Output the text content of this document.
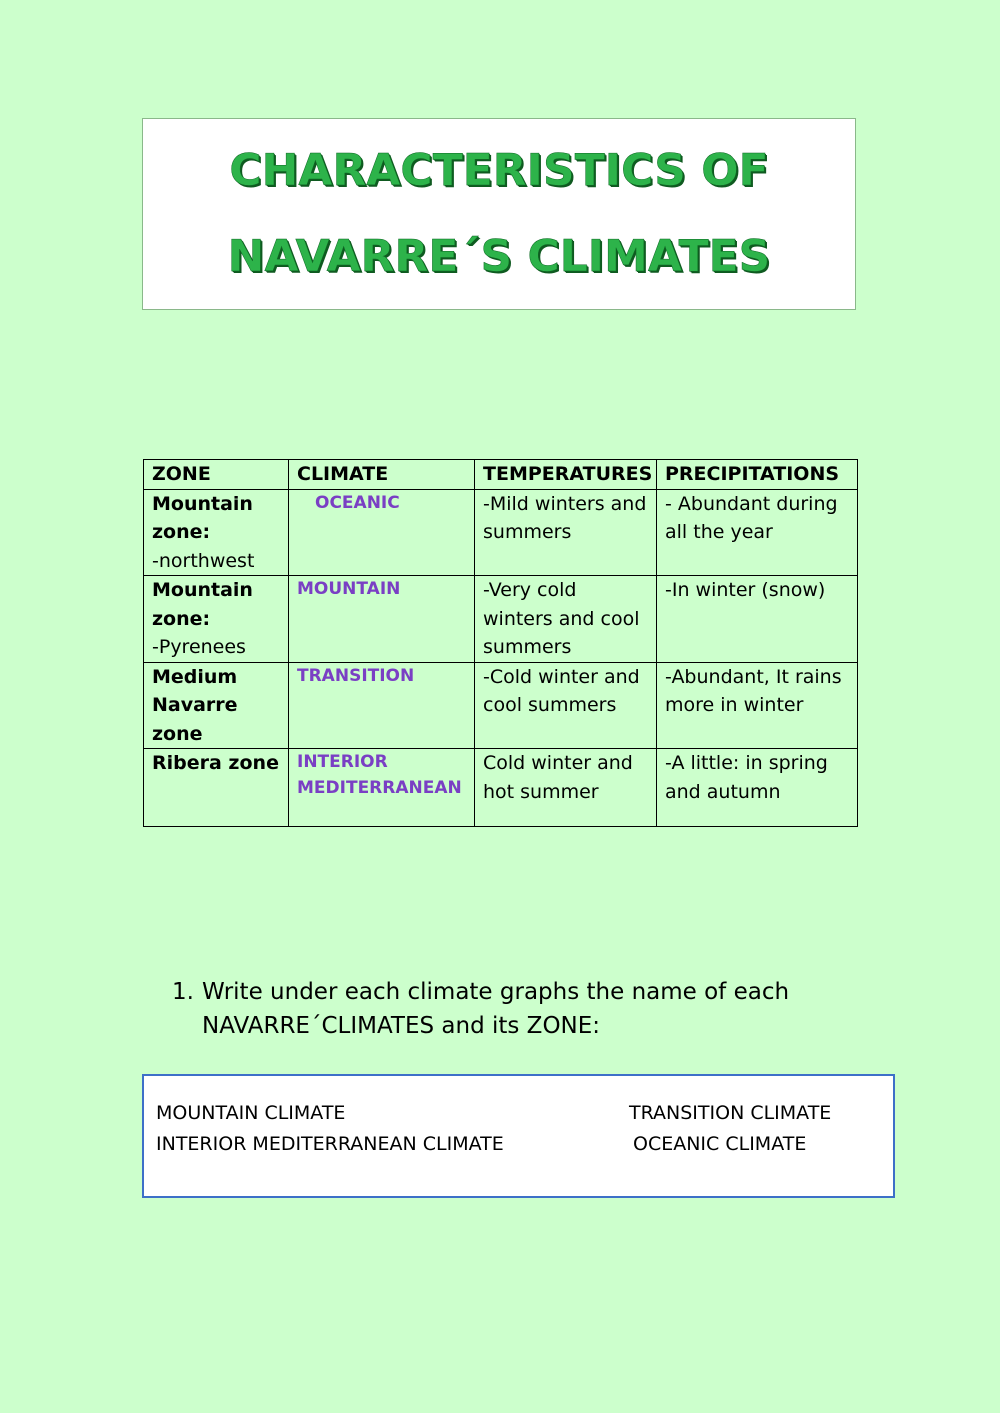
CHARACTERISTICS OF
NAVARRE´S CLIMATES
ZONE	CLIMATE	TEMPERATURES	PRECIPITATIONS

Mountain zone:
-northwest	OCEANIC	-Mild winters and summers	- Abundant during all the year

Mountain zone:
-Pyrenees	MOUNTAIN	-Very cold winters and cool summers	-In winter (snow)

Medium Navarre zone	TRANSITION	-Cold winter and cool summers	-Abundant, It rains more in winter

Ribera zone	INTERIOR MEDITERRANEAN	Cold winter and hot summer	-A little: in spring and autumn
1. Write under each climate graphs the name of each
NAVARRE´CLIMATES and its ZONE:
MOUNTAIN CLIMATE	TRANSITION CLIMATE
INTERIOR MEDITERRANEAN CLIMATE	OCEANIC CLIMATE
